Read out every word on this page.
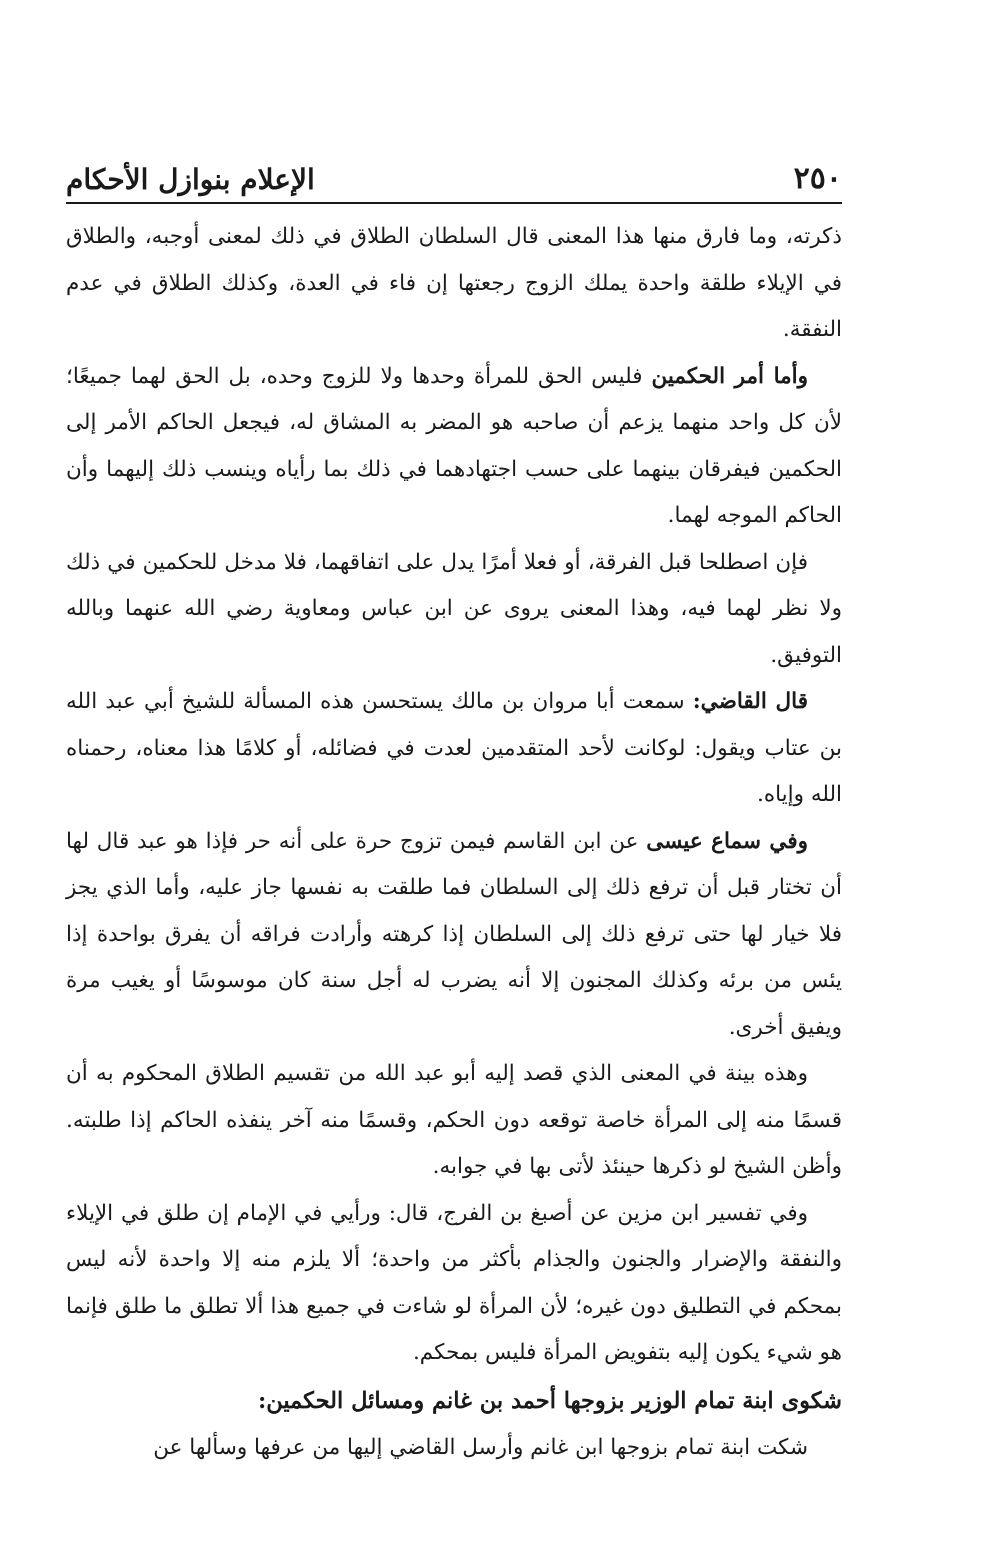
٢٥٠
الإعلام بنوازل الأحكام

ذكرته، وما فارق منها هذا المعنى قال السلطان الطلاق في ذلك لمعنى أوجبه، والطلاق في الإيلاء طلقة واحدة يملك الزوج رجعتها إن فاء في العدة، وكذلك الطلاق في عدم النفقة.

وأما أمر الحكمين فليس الحق للمرأة وحدها ولا للزوج وحده، بل الحق لهما جميعًا؛ لأن كل واحد منهما يزعم أن صاحبه هو المضر به المشاق له، فيجعل الحاكم الأمر إلى الحكمين فيفرقان بينهما على حسب اجتهادهما في ذلك بما رأياه وينسب ذلك إليهما وأن الحاكم الموجه لهما.

فإن اصطلحا قبل الفرقة، أو فعلا أمرًا يدل على اتفاقهما، فلا مدخل للحكمين في ذلك ولا نظر لهما فيه، وهذا المعنى يروى عن ابن عباس ومعاوية رضي الله عنهما وبالله التوفيق.

قال القاضي: سمعت أبا مروان بن مالك يستحسن هذه المسألة للشيخ أبي عبد الله بن عتاب ويقول: لوكانت لأحد المتقدمين لعدت في فضائله، أو كلامًا هذا معناه، رحمناه الله وإياه.

وفي سماع عيسى عن ابن القاسم فيمن تزوج حرة على أنه حر فإذا هو عبد قال لها أن تختار قبل أن ترفع ذلك إلى السلطان فما طلقت به نفسها جاز عليه، وأما الذي يجز فلا خيار لها حتى ترفع ذلك إلى السلطان إذا كرهته وأرادت فراقه أن يفرق بواحدة إذا يئس من برئه وكذلك المجنون إلا أنه يضرب له أجل سنة كان موسوسًا أو يغيب مرة ويفيق أخرى.

وهذه بينة في المعنى الذي قصد إليه أبو عبد الله من تقسيم الطلاق المحكوم به أن قسمًا منه إلى المرأة خاصة توقعه دون الحكم، وقسمًا منه آخر ينفذه الحاكم إذا طلبته. وأظن الشيخ لو ذكرها حينئذ لأتى بها في جوابه.

وفي تفسير ابن مزين عن أصبغ بن الفرج، قال: ورأيي في الإمام إن طلق في الإيلاء والنفقة والإضرار والجنون والجذام بأكثر من واحدة؛ ألا يلزم منه إلا واحدة لأنه ليس بمحكم في التطليق دون غيره؛ لأن المرأة لو شاءت في جميع هذا ألا تطلق ما طلق فإنما هو شيء يكون إليه بتفويض المرأة فليس بمحكم.

شكوى ابنة تمام الوزير بزوجها أحمد بن غانم ومسائل الحكمين:

شكت ابنة تمام بزوجها ابن غانم وأرسل القاضي إليها من عرفها وسألها عن
